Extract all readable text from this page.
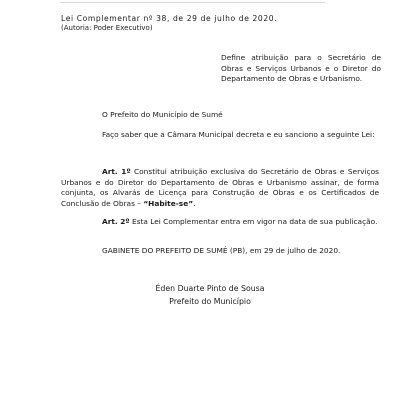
Lei Complementar nº 38, de 29 de julho de 2020.

(Autoria: Poder Executivo)

Define atribuição para o Secretário de Obras e Serviços Urbanos e o Diretor do Departamento de Obras e Urbanismo.

O Prefeito do Município de Sumé

Faço saber que a Câmara Municipal decreta e eu sanciono a seguinte Lei:

Art. 1º Constitui atribuição exclusiva do Secretário de Obras e Serviços Urbanos e do Diretor do Departamento de Obras e Urbanismo assinar, de forma conjunta, os Alvarás de Licença para Construção de Obras e os Certificados de Conclusão de Obras – “Habite-se”.

Art. 2º Esta Lei Complementar entra em vigor na data de sua publicação.

GABINETE DO PREFEITO DE SUMÉ (PB), em 29 de julho de 2020.

Éden Duarte Pinto de Sousa

Prefeito do Município
